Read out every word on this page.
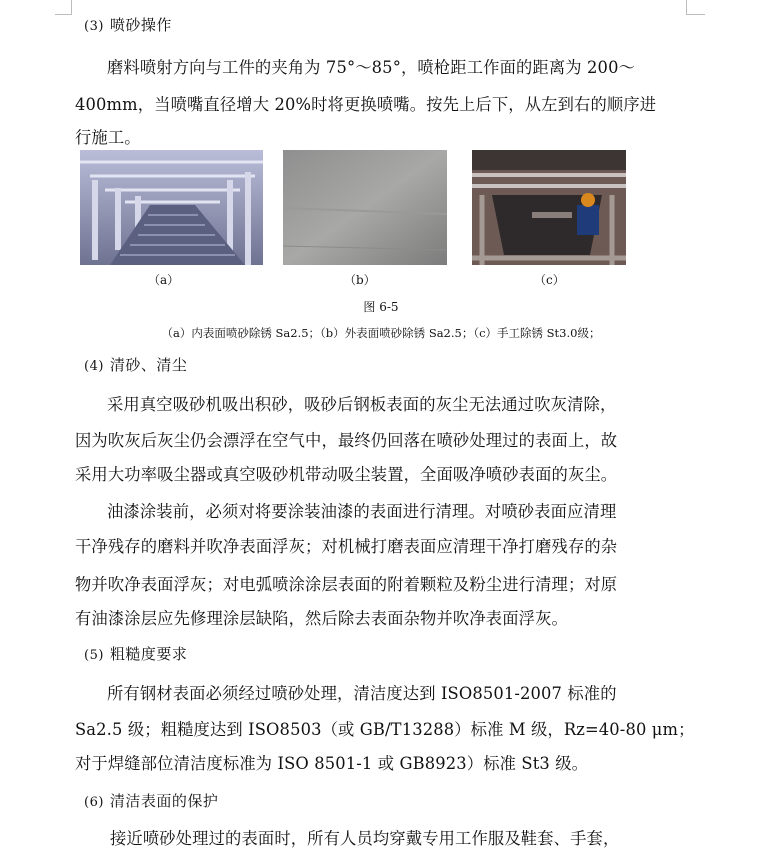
(3) 喷砂操作
磨料喷射方向与工件的夹角为 75°～85°，喷枪距工作面的距离为 200～
400mm，当喷嘴直径增大 20%时将更换喷嘴。按先上后下，从左到右的顺序进
行施工。
（a）	（b）	（c）
图 6-5
（a）内表面喷砂除锈 Sa2.5；（b）外表面喷砂除锈 Sa2.5；（c）手工除锈 St3.0级；
(4) 清砂、清尘
采用真空吸砂机吸出积砂，吸砂后钢板表面的灰尘无法通过吹灰清除，
因为吹灰后灰尘仍会漂浮在空气中，最终仍回落在喷砂处理过的表面上，故
采用大功率吸尘器或真空吸砂机带动吸尘装置，全面吸净喷砂表面的灰尘。
油漆涂装前，必须对将要涂装油漆的表面进行清理。对喷砂表面应清理
干净残存的磨料并吹净表面浮灰；对机械打磨表面应清理干净打磨残存的杂
物并吹净表面浮灰；对电弧喷涂涂层表面的附着颗粒及粉尘进行清理；对原
有油漆涂层应先修理涂层缺陷，然后除去表面杂物并吹净表面浮灰。
(5) 粗糙度要求
所有钢材表面必须经过喷砂处理，清洁度达到 ISO8501-2007 标准的
Sa2.5 级；粗糙度达到 ISO8503（或 GB/T13288）标准 M 级，Rz=40-80 μm；
对于焊缝部位清洁度标准为 ISO 8501-1 或 GB8923）标准 St3 级。
(6) 清洁表面的保护
接近喷砂处理过的表面时，所有人员均穿戴专用工作服及鞋套、手套，
